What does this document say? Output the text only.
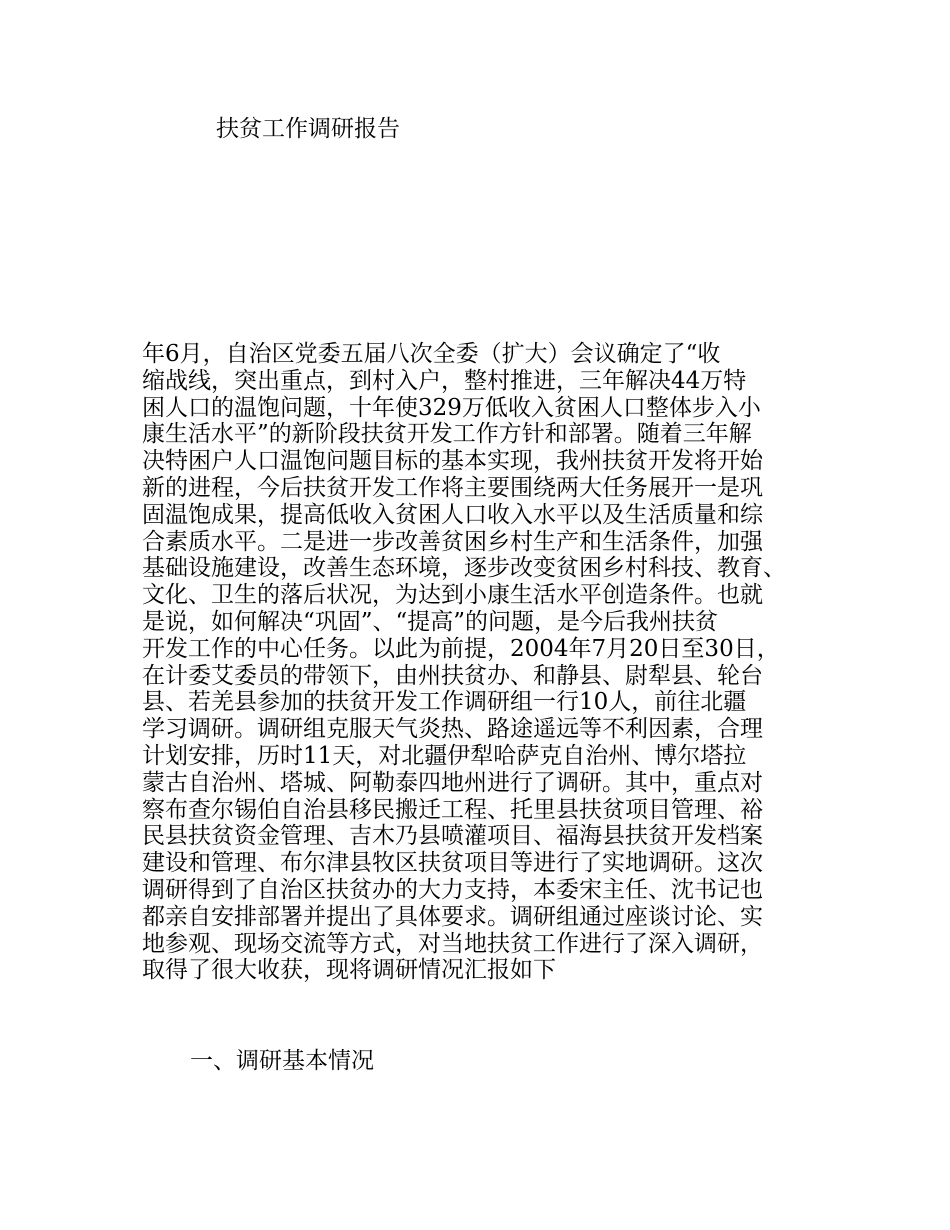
扶贫工作调研报告
年6月，自治区党委五届八次全委（扩大）会议确定了“收
缩战线，突出重点，到村入户，整村推进，三年解决44万特
困人口的温饱问题，十年使329万低收入贫困人口整体步入小
康生活水平”的新阶段扶贫开发工作方针和部署。随着三年解
决特困户人口温饱问题目标的基本实现，我州扶贫开发将开始
新的进程，今后扶贫开发工作将主要围绕两大任务展开一是巩
固温饱成果，提高低收入贫困人口收入水平以及生活质量和综
合素质水平。二是进一步改善贫困乡村生产和生活条件，加强
基础设施建设，改善生态环境，逐步改变贫困乡村科技、教育、
文化、卫生的落后状况，为达到小康生活水平创造条件。也就
是说，如何解决“巩固”、“提高”的问题，是今后我州扶贫
开发工作的中心任务。以此为前提，2004年7月20日至30日，
在计委艾委员的带领下，由州扶贫办、和静县、尉犁县、轮台
县、若羌县参加的扶贫开发工作调研组一行10人，前往北疆
学习调研。调研组克服天气炎热、路途遥远等不利因素，合理
计划安排，历时11天，对北疆伊犁哈萨克自治州、博尔塔拉
蒙古自治州、塔城、阿勒泰四地州进行了调研。其中，重点对
察布查尔锡伯自治县移民搬迁工程、托里县扶贫项目管理、裕
民县扶贫资金管理、吉木乃县喷灌项目、福海县扶贫开发档案
建设和管理、布尔津县牧区扶贫项目等进行了实地调研。这次
调研得到了自治区扶贫办的大力支持，本委宋主任、沈书记也
都亲自安排部署并提出了具体要求。调研组通过座谈讨论、实
地参观、现场交流等方式，对当地扶贫工作进行了深入调研，
取得了很大收获，现将调研情况汇报如下
一、调研基本情况
